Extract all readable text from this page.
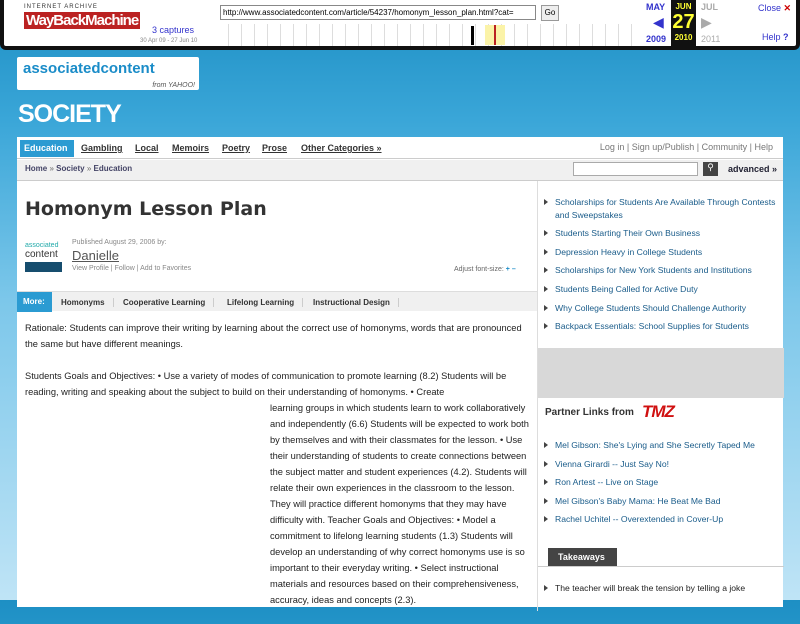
INTERNET ARCHIVE
WayBackMachine	http://www.associatedcontent.com/article/54237/homonym_lesson_plan.html?cat=	Go
3 captures
30 Apr 09 - 27 Jun 10
MAY	JUL
◀	▶
JUN
27
2010
2009	2011
Close ✕
Help ?
associatedcontent
from YAHOO!
SOCIETY
Education	Gambling Local Memoirs Poetry Prose Other Categories »	Log in | Sign up/Publish | Community | Help
Home » Society » Education	⚲	advanced »
Homonym Lesson Plan
associated
content
Published August 29, 2006 by:
Danielle
View Profile | Follow | Add to Favorites	Adjust font-size: + –
More:	Homonyms	Cooperative Learning	Lifelong Learning	Instructional Design

Rationale: Students can improve their writing by learning about the correct use of homonyms, words that are pronounced the same but have different meanings.

Students Goals and Objectives: • Use a variety of modes of communication to promote learning (8.2) Students will be reading, writing and speaking about the subject to build on their understanding of homonyms. • Create

learning groups in which students learn to work collaboratively and independently (6.6) Students will be expected to work both by themselves and with their classmates for the lesson. • Use their understanding of students to create connections between the subject matter and student experiences (4.2). Students will relate their own experiences in the classroom to the lesson. They will practice different homonyms that they may have difficulty with. Teacher Goals and Objectives: • Model a commitment to lifelong learning students (1.3) Students will develop an understanding of why correct homonyms use is so important to their everyday writing. • Select instructional materials and resources based on their comprehensiveness, accuracy, ideas and concepts (2.3).

Scholarships for Students Are Available Through Contests and Sweepstakes
Students Starting Their Own Business
Depression Heavy in College Students
Scholarships for New York Students and Institutions
Students Being Called for Active Duty
Why College Students Should Challenge Authority
Backpack Essentials: School Supplies for Students
Partner Links from TMZ
Mel Gibson: She's Lying and She Secretly Taped Me
Vienna Girardi -- Just Say No!
Ron Artest -- Live on Stage
Mel Gibson's Baby Mama: He Beat Me Bad
Rachel Uchitel -- Overextended in Cover-Up
Takeaways
The teacher will break the tension by telling a joke
